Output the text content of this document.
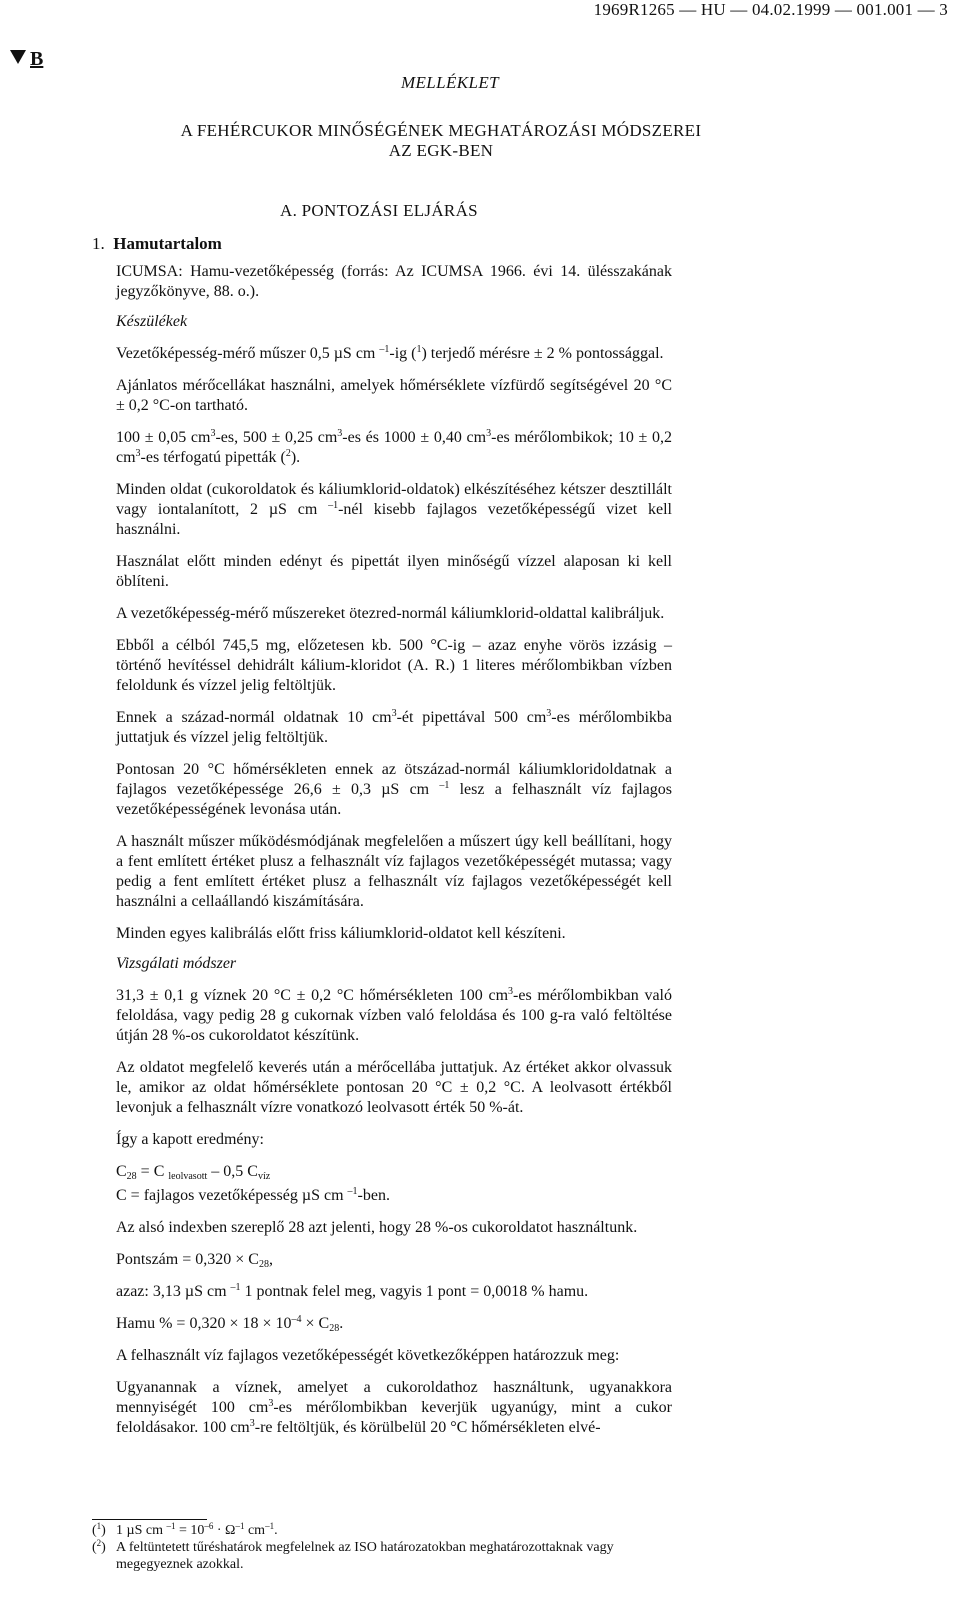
1969R1265 — HU — 04.02.1999 — 001.001 — 3
B
MELLÉKLET
A FEHÉRCUKOR MINŐSÉGÉNEK MEGHATÁROZÁSI MÓDSZEREI
AZ EGK-BEN
A. PONTOZÁSI ELJÁRÁS
1. Hamutartalom

ICUMSA: Hamu-vezetőképesség (forrás: Az ICUMSA 1966. évi 14. ülésszakának jegyzőkönyve, 88. o.).

Készülékek

Vezetőképesség-mérő műszer 0,5 µS cm $^{-1}$-ig ($^1$) terjedő mérésre ± 2 % pontossággal.

Ajánlatos mérőcellákat használni, amelyek hőmérséklete vízfürdő segítségével 20 °C ± 0,2 °C-on tartható.

100 ± 0,05 $cm^3-es$, 500 ± 0,25 $cm^3-es$ és 1000 ± 0,40 $cm^3-es$ mérőlombikok; 10 ± 0,2 $cm^3-es$ térfogatú pipetták ($^2$).

Minden oldat (cukoroldatok és káliumklorid-oldatok) elkészítéséhez kétszer desztillált vagy iontalanított, 2 µS cm $^{-1}$-nél kisebb fajlagos vezetőképességű vizet kell használni.

Használat előtt minden edényt és pipettát ilyen minőségű vízzel alaposan ki kell öblíteni.

A vezetőképesség-mérő műszereket ötezred-normál káliumklorid-oldattal kalibráljuk.

Ebből a célból 745,5 mg, előzetesen kb. 500 °C-ig – azaz enyhe vörös izzásig – történő hevítéssel dehidrált kálium-kloridot (A. R.) 1 literes mérőlombikban vízben feloldunk és vízzel jelig feltöltjük.

Ennek a század-normál oldatnak 10 $cm^3-ét$ pipettával 500 $cm^3-es$ mérőlombikba juttatjuk és vízzel jelig feltöltjük.

Pontosan 20 °C hőmérsékleten ennek az ötszázad-normál káliumkloridoldatnak a fajlagos vezetőképessége 26,6 ± 0,3 µS cm $^{-1}$ lesz a felhasznált víz fajlagos vezetőképességének levonása után.

A használt műszer működésmódjának megfelelően a műszert úgy kell beállítani, hogy a fent említett értéket plusz a felhasznált víz fajlagos vezetőképességét mutassa; vagy pedig a fent említett értéket plusz a felhasznált víz fajlagos vezetőképességét kell használni a cellaállandó kiszámítására.

Minden egyes kalibrálás előtt friss káliumklorid-oldatot kell készíteni.

Vizsgálati módszer

31,3 ± 0,1 g víznek 20 °C ± 0,2 °C hőmérsékleten 100 $cm^3-es$ mérőlombikban való feloldása, vagy pedig 28 g cukornak vízben való feloldása és 100 g-ra való feltöltése útján 28 %-os cukoroldatot készítünk.

Az oldatot megfelelő keverés után a mérőcellába juttatjuk. Az értéket akkor olvassuk le, amikor az oldat hőmérséklete pontosan 20 °C ± 0,2 °C. A leolvasott értékből levonjuk a felhasznált vízre vonatkozó leolvasott érték 50 %-át.

Így a kapott eredmény:

$C_{28} = C$ $_{leolvasott}$ – 0,5 $C_{víz}$

C = fajlagos vezetőképesség µS cm $^{-1}$-ben.

Az alsó indexben szereplő 28 azt jelenti, hogy 28 %-os cukoroldatot használtunk.

Pontszám = $0,320 \times C_{28}$,

azaz: 3,13 µS cm $^{-1}$ 1 pontnak felel meg, vagyis 1 pont = 0,0018 % hamu.

Hamu % = $0,320 \times 18 \times 10^{-4} \times C_{28}$.

A felhasznált víz fajlagos vezetőképességét következőképpen határozzuk meg:

Ugyanannak a víznek, amelyet a cukoroldathoz használtunk, ugyanakkora mennyiségét 100 $cm^3-es$ mérőlombikban keverjük ugyanúgy, mint a cukor feloldásakor. 100 $cm^3-re$ feltöltjük, és körülbelül 20 °C hőmérsékleten elvé-

($^1$) 1 µS cm $^{-1} = 10^{-6} \cdot \Omega^{-1}$ $cm^{-1}$.
($^2$) A feltüntetett tűréshatárok megfelelnek az ISO határozatokban meghatározottaknak vagy megegyeznek azokkal.
